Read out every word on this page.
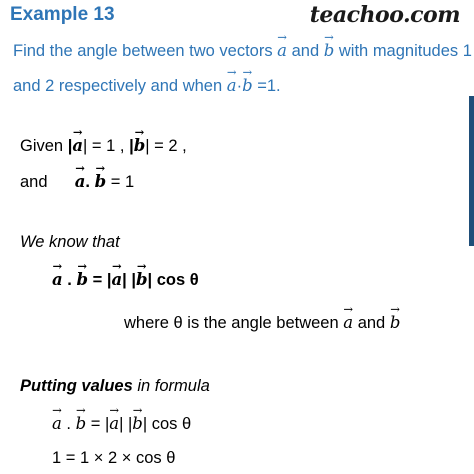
Example 13	teachoo.com
Find the angle between two vectors a
→
and b
→
with magnitudes 1
and 2 respectively and when a
→
·b
→
=1.
Given |a
→
| = 1 , |b
→
| = 2 ,
and a
→
. b
→
= 1
We know that
a
→
. b
→
= |a
→
| |b
→
| cos θ
where θ is the angle between a
→
and b
→
Putting values in formula
a
→
. b
→
= |a
→
| |b
→
| cos θ
1 = 1 × 2 × cos θ
